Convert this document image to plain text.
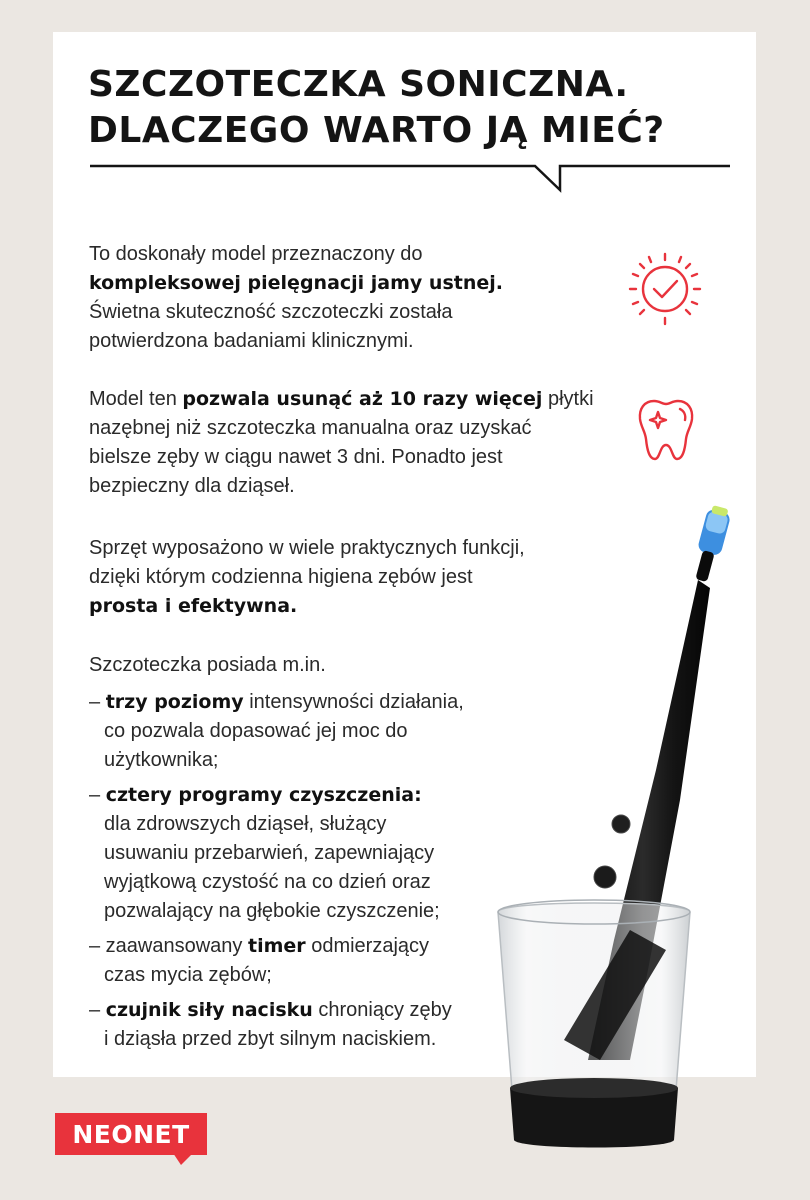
SZCZOTECZKA SONICZNA.
DLACZEGO WARTO JĄ MIEĆ?

To doskonały model przeznaczony do
kompleksowej pielęgnacji jamy ustnej.
Świetna skuteczność szczoteczki została
potwierdzona badaniami klinicznymi.

Model ten pozwala usunąć aż 10 razy więcej płytki
nazębnej niż szczoteczka manualna oraz uzyskać
bielsze zęby w ciągu nawet 3 dni. Ponadto jest
bezpieczny dla dziąseł.

Sprzęt wyposażono w wiele praktycznych funkcji,
dzięki którym codzienna higiena zębów jest
prosta i efektywna.

Szczoteczka posiada m.in.

– trzy poziomy intensywności działania,
co pozwala dopasować jej moc do
użytkownika;
– cztery programy czyszczenia:
dla zdrowszych dziąseł, służący
usuwaniu przebarwień, zapewniający
wyjątkową czystość na co dzień oraz
pozwalający na głębokie czyszczenie;
– zaawansowany timer odmierzający
czas mycia zębów;
– czujnik siły nacisku chroniący zęby
i dziąsła przed zbyt silnym naciskiem.
NEONET
